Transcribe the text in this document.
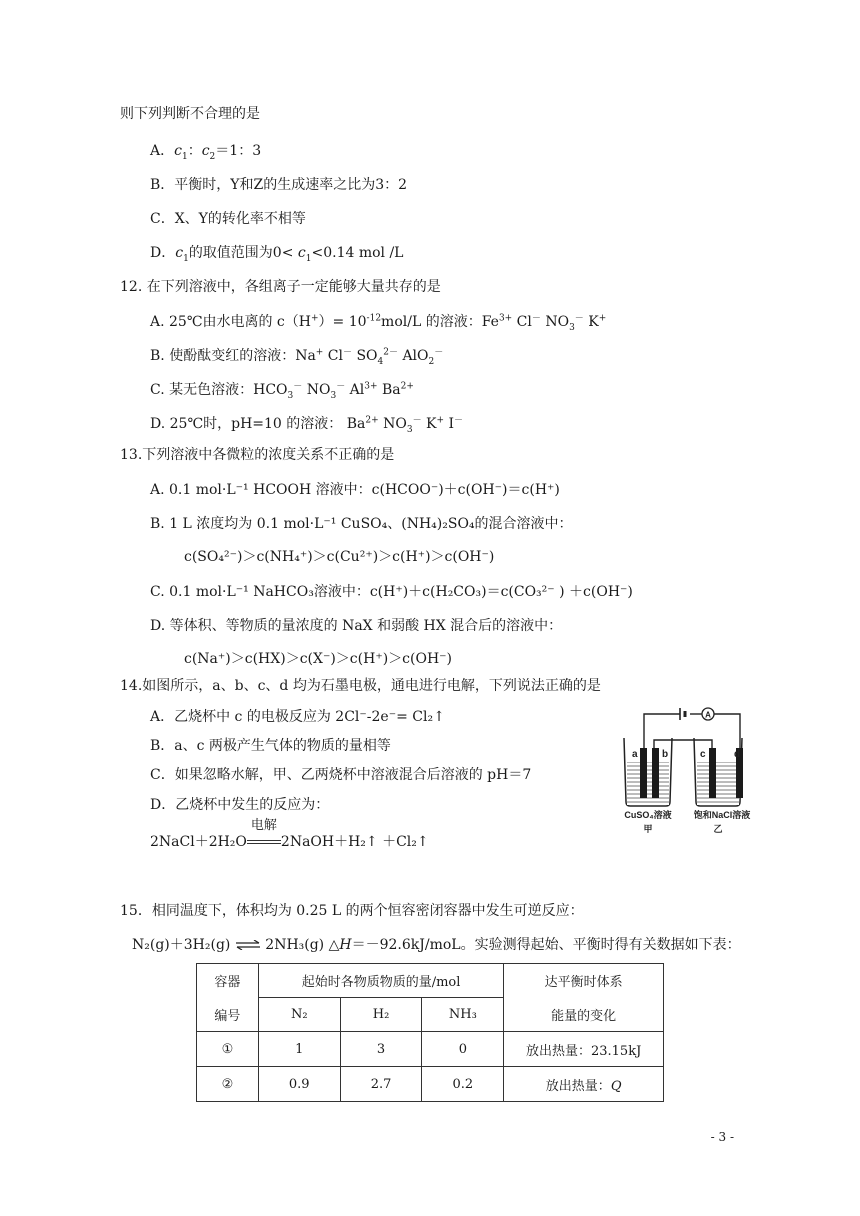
则下列判断不合理的是
A．$c_1$：$c_2=1$：3
B．平衡时，Y和Z的生成速率之比为3：2
C．X、Y的转化率不相等
D．$c_1$的取值范围为$0< c_1<0.14$ mol /L
12. 在下列溶液中，各组离子一定能够大量共存的是
A. 25℃由水电离的 $c(H^+)= 10^{-12}mol/L$ 的溶液：$Fe^{3+}$ Cl－ $NO_3^-$ K+
B. 使酚酞变红的溶液：Na+ Cl－ $SO_4^{2-}$ AlO$_2$－
C. 某无色溶液：$HCO_3^-$ $NO_3^-$ $Al^{3+}$ $Ba^{2+}$
D. 25℃时，pH=10 的溶液： $Ba^{2+}$ $NO_3^-$ K+ I－
13.下列溶液中各微粒的浓度关系不正确的是
A. 0.1 mol·L⁻¹ HCOOH 溶液中：c(HCOO⁻)＋c(OH⁻)＝c(H⁺)
B. 1 L 浓度均为 0.1 mol·L⁻¹ CuSO₄、(NH₄)₂SO₄的混合溶液中：
c(SO₄²⁻)＞c(NH₄⁺)＞c(Cu²⁺)＞c(H⁺)＞c(OH⁻)
C. 0.1 mol·L⁻¹ NaHCO₃溶液中：c(H⁺)＋c(H₂CO₃)＝c(CO₃²⁻ ) ＋c(OH⁻)
D. 等体积、等物质的量浓度的 NaX 和弱酸 HX 混合后的溶液中：
c(Na⁺)＞c(HX)＞c(X⁻)＞c(H⁺)＞c(OH⁻)
14.如图所示，a、b、c、d 均为石墨电极，通电进行电解，下列说法正确的是
A．乙烧杯中 c 的电极反应为 2Cl⁻-2e⁻= Cl₂↑
B．a、c 两极产生气体的物质的量相等
C．如果忽略水解，甲、乙两烧杯中溶液混合后溶液的 pH＝7
D．乙烧杯中发生的反应为：
2NaCl＋2H₂O
电解
2NaOH＋H₂↑ ＋Cl₂↑
A
a b	c	d
CuSO₄溶液
甲
饱和NaCl溶液
乙
15．相同温度下，体积均为 0.25 L 的两个恒容密闭容器中发生可逆反应：
N₂(g)＋3H₂(g) ⇌ 2NH₃(g) △H＝－92.6kJ/moL。实验测得起始、平衡时得有关数据如下表：
容器	起始时各物质物质的量/mol			达平衡时体系
编号	N₂	H₂	NH₃	能量的变化
①	1	3	0	放出热量：23.15kJ
②	0.9	2.7	0.2	放出热量：Q
- 3 -
